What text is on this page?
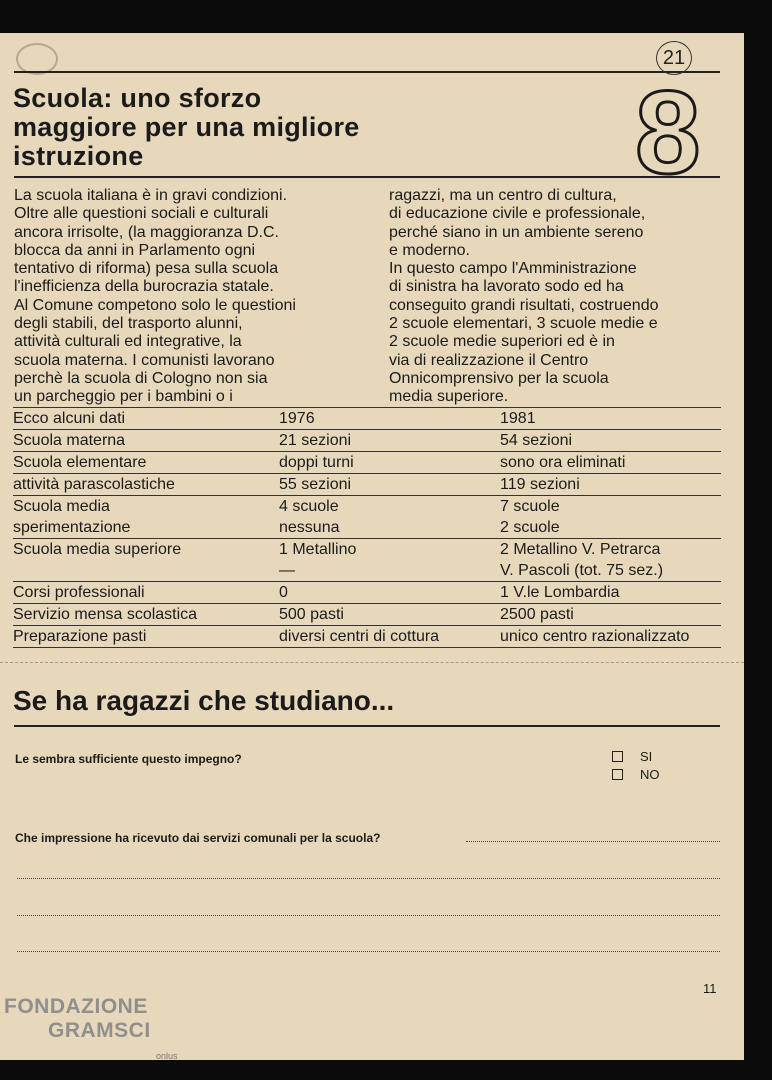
21
Scuola: uno sforzo maggiore per una migliore istruzione	8
La scuola italiana è in gravi condizioni.
Oltre alle questioni sociali e culturali
ancora irrisolte, (la maggioranza D.C.
blocca da anni in Parlamento ogni
tentativo di riforma) pesa sulla scuola
l'inefficienza della burocrazia statale.
Al Comune competono solo le questioni
degli stabili, del trasporto alunni,
attività culturali ed integrative, la
scuola materna. I comunisti lavorano
perchè la scuola di Cologno non sia
un parcheggio per i bambini o i
ragazzi, ma un centro di cultura,
di educazione civile e professionale,
perché siano in un ambiente sereno
e moderno.
In questo campo l'Amministrazione
di sinistra ha lavorato sodo ed ha
conseguito grandi risultati, costruendo
2 scuole elementari, 3 scuole medie e
2 scuole medie superiori ed è in
via di realizzazione il Centro
Onnicomprensivo per la scuola
media superiore.
Ecco alcuni dati	1976	1981
Scuola materna	21 sezioni	54 sezioni
Scuola elementare	doppi turni	sono ora eliminati
attività parascolastiche	55 sezioni	119 sezioni
Scuola media	4 scuole	7 scuole
sperimentazione	nessuna	2 scuole
Scuola media superiore	1 Metallino	2 Metallino V. Petrarca
	—	V. Pascoli (tot. 75 sez.)
Corsi professionali	0	1 V.le Lombardia
Servizio mensa scolastica	500 pasti	2500 pasti
Preparazione pasti	diversi centri di cottura	unico centro razionalizzato
Se ha ragazzi che studiano...
Le sembra sufficiente questo impegno?	SI
NO
Che impressione ha ricevuto dai servizi comunali per la scuola?
11
FONDAZIONE
GRAMSCI
onlus
